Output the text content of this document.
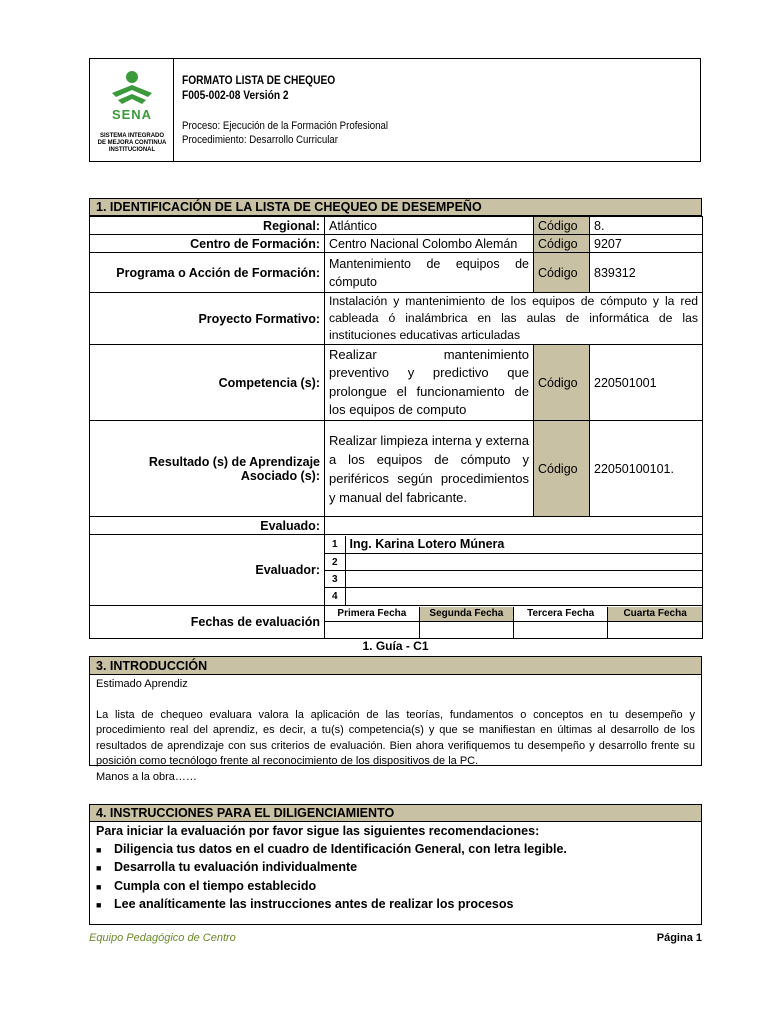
SENA
SISTEMA INTEGRADO
DE MEJORA CONTINUA
INSTITUCIONAL
FORMATO LISTA DE CHEQUEO
F005-002-08 Versión 2
Proceso: Ejecución de la Formación Profesional
Procedimiento: Desarrollo Curricular
1. IDENTIFICACIÓN DE LA LISTA DE CHEQUEO DE DESEMPEÑO
Regional:	Atlántico	Código	8.
Centro de Formación:	Centro Nacional Colombo Alemán	Código	9207
Programa o Acción de Formación:	Mantenimiento de equipos de cómputo	Código	839312
Proyecto Formativo:	Instalación y mantenimiento de los equipos de cómputo y la red cableada ó inalámbrica en las aulas de informática de las instituciones educativas articuladas
Competencia (s):	Realizar mantenimiento preventivo y predictivo que prolongue el funcionamiento de los equipos de computo	Código	220501001
Resultado (s) de Aprendizaje Asociado (s):	Realizar limpieza interna y externa a los equipos de cómputo y periféricos según procedimientos y manual del fabricante.	Código	22050100101.
Evaluado:	
Evaluador:	
1	Ing. Karina Lotero Múnera
2	
3	
4	

Fechas de evaluación	
Primera Fecha	Segunda Fecha	Tercera Fecha	Cuarta Fecha

1. Guía - C1
3. INTRODUCCIÓN
Estimado Aprendiz
La lista de chequeo evaluara valora la aplicación de las teorías, fundamentos o conceptos en tu desempeño y procedimiento real del aprendiz, es decir, a tu(s) competencia(s) y que se manifiestan en últimas al desarrollo de los resultados de aprendizaje con sus criterios de evaluación. Bien ahora verifiquemos tu desempeño y desarrollo frente su posición como tecnólogo frente al reconocimiento de los dispositivos de la PC.
Manos a la obra……
4. INSTRUCCIONES PARA EL DILIGENCIAMIENTO
Para iniciar la evaluación por favor sigue las siguientes recomendaciones:
■ Diligencia tus datos en el cuadro de Identificación General, con letra legible.
■ Desarrolla tu evaluación individualmente
■ Cumpla con el tiempo establecido
■ Lee analíticamente las instrucciones antes de realizar los procesos
Equipo Pedagógico de Centro	Página 1
